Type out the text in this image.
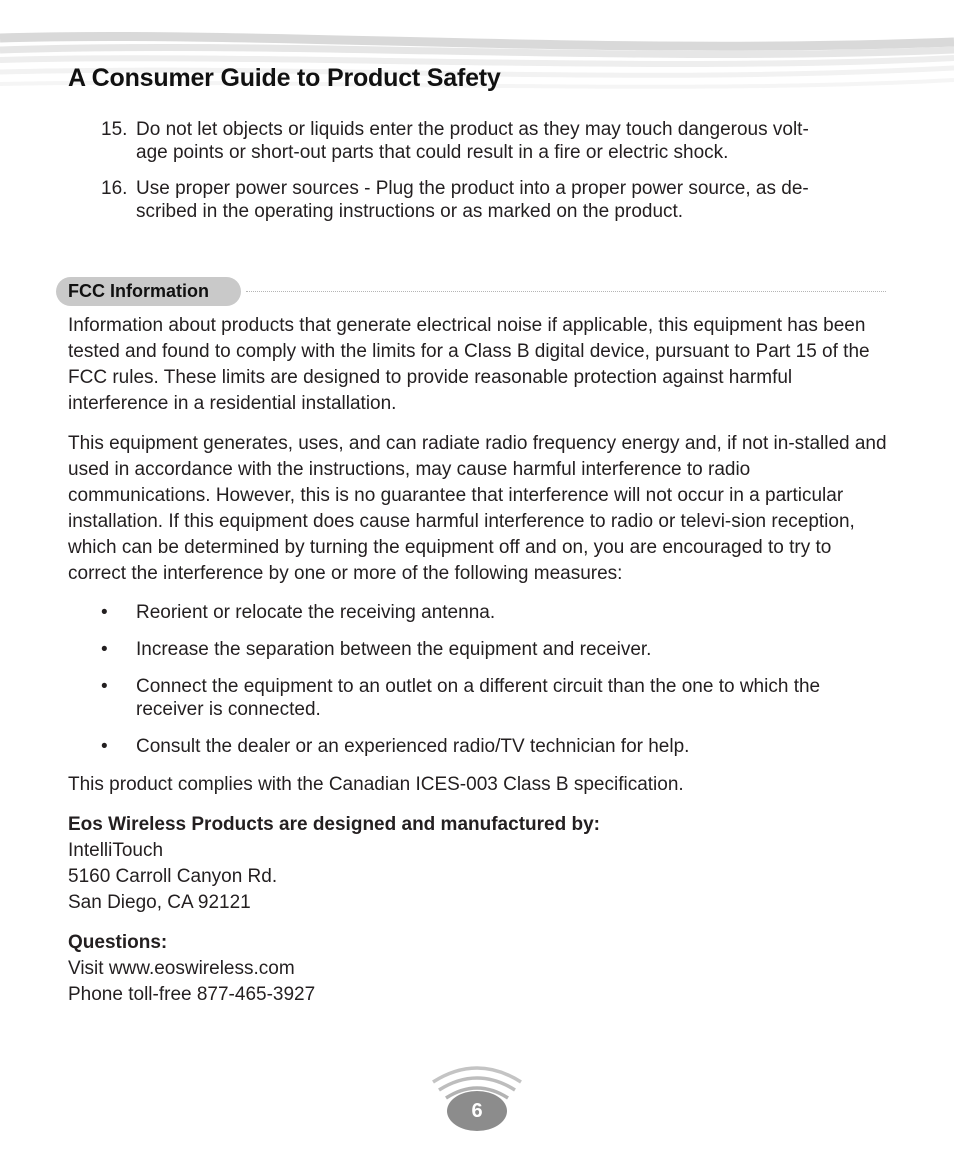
A Consumer Guide to Product Safety
15. Do not let objects or liquids enter the product as they may touch dangerous volt-
age points or short-out parts that could result in a fire or electric shock.
16. Use proper power sources - Plug the product into a proper power source, as de-
scribed in the operating instructions or as marked on the product.
FCC Information

Information about products that generate electrical noise if applicable, this equipment has been tested and found to comply with the limits for a Class B digital device, pursuant to Part 15 of the FCC rules. These limits are designed to provide reasonable protection against harmful interference in a residential installation.

This equipment generates, uses, and can radiate radio frequency energy and, if not in-stalled and used in accordance with the instructions, may cause harmful interference to radio communications. However, this is no guarantee that interference will not occur in a particular installation. If this equipment does cause harmful interference to radio or televi-sion reception, which can be determined by turning the equipment off and on, you are encouraged to try to correct the interference by one or more of the following measures:

• Reorient or relocate the receiving antenna.
• Increase the separation between the equipment and receiver.
• Connect the equipment to an outlet on a different circuit than the one to which the receiver is connected.
• Consult the dealer or an experienced radio/TV technician for help.

This product complies with the Canadian ICES-003 Class B specification.

Eos Wireless Products are designed and manufactured by:
IntelliTouch
5160 Carroll Canyon Rd.
San Diego, CA 92121

Questions:
Visit www.eoswireless.com
Phone toll-free 877-465-3927

6
